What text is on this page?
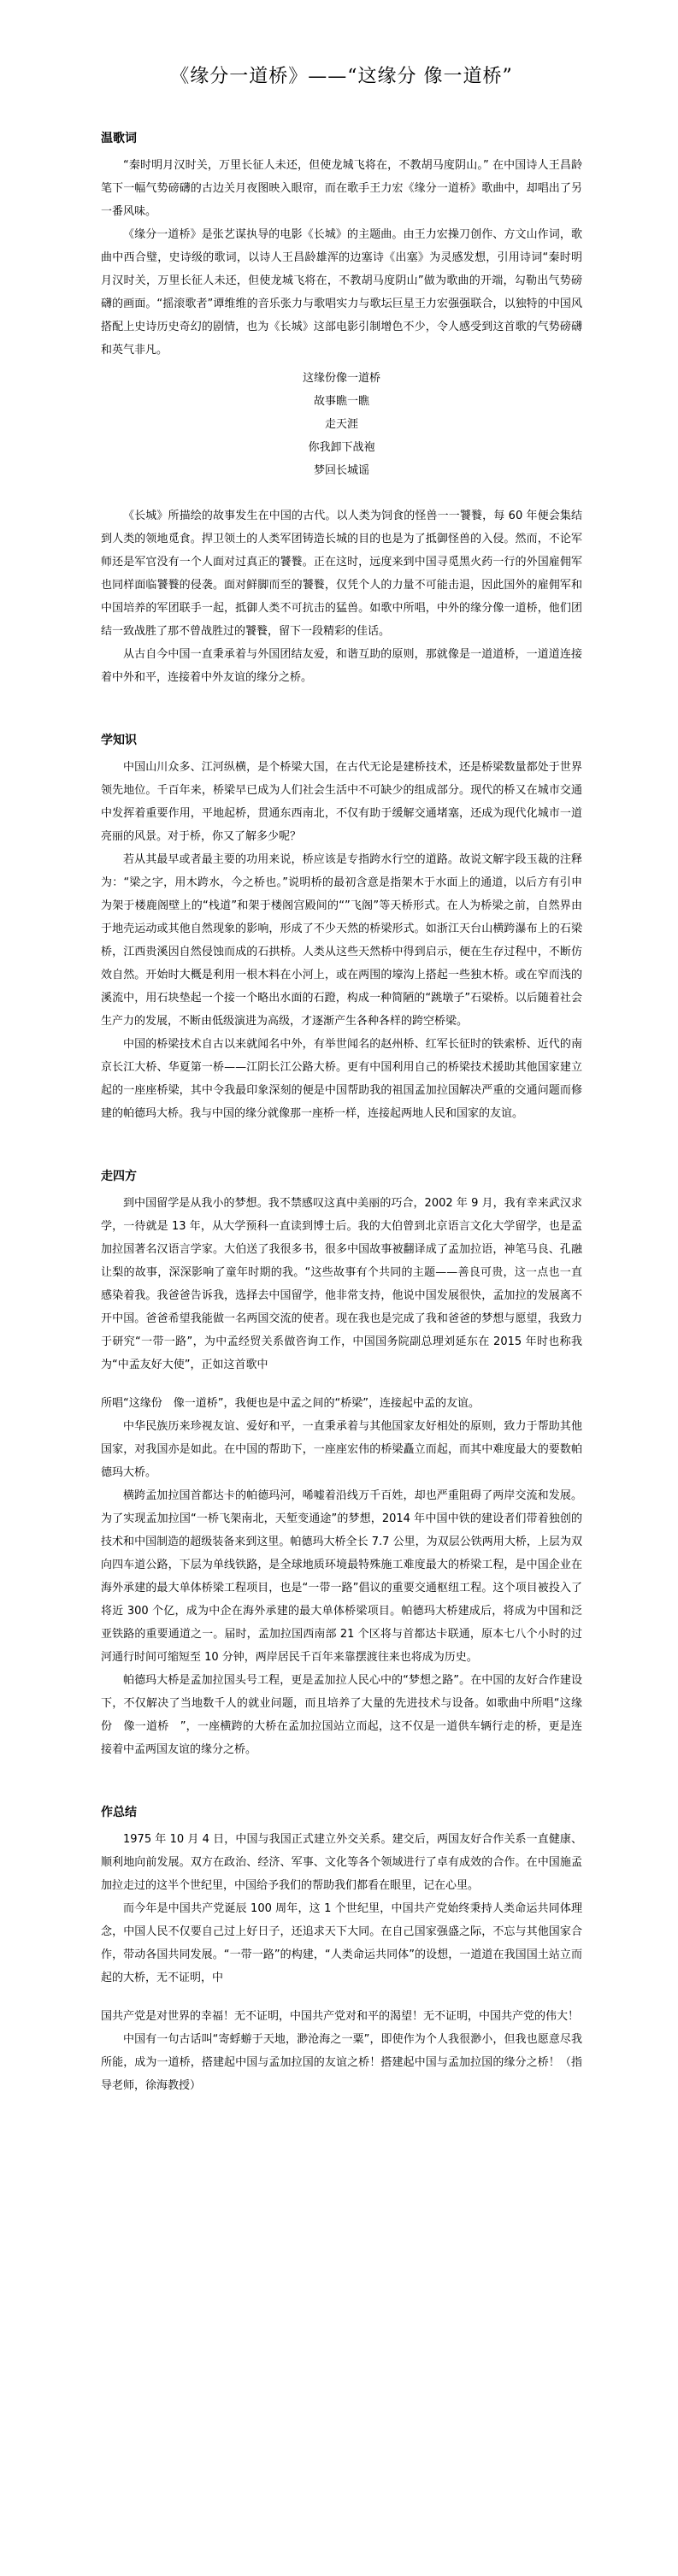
《缘分一道桥》——“这缘分 像一道桥”
温歌词

“秦时明月汉时关，万里长征人未还，但使龙城飞将在，不教胡马度阴山。” 在中国诗人王昌龄笔下一幅气势磅礴的古边关月夜图映入眼帘，而在歌手王力宏《缘分一道桥》歌曲中，却唱出了另一番风味。

《缘分一道桥》是张艺谋执导的电影《长城》的主题曲。由王力宏操刀创作、方文山作词，歌曲中西合璧，史诗级的歌词，以诗人王昌龄雄浑的边塞诗《出塞》为灵感发想，引用诗词“秦时明月汉时关，万里长征人未还，但使龙城飞将在，不教胡马度阴山”做为歌曲的开端，勾勒出气势磅礴的画面。“摇滚歌者”谭维维的音乐张力与歌唱实力与歌坛巨星王力宏强强联合，以独特的中国风搭配上史诗历史奇幻的剧情，也为《长城》这部电影引制增色不少，令人感受到这首歌的气势磅礴和英气非凡。

这缘份像一道桥
故事瞧一瞧
走天涯
你我卸下战袍
梦回长城谣

《长城》所描绘的故事发生在中国的古代。以人类为饲食的怪兽一一饕餮，每 60 年便会集结到人类的领地觅食。捍卫领土的人类军团铸造长城的目的也是为了抵御怪兽的入侵。然而，不论军师还是军官没有一个人面对过真正的饕餮。正在这时，远度来到中国寻觅黑火药一行的外国雇佣军也同样面临饕餮的侵袭。面对鲜脚而至的饕餮，仅凭个人的力量不可能击退，因此国外的雇佣军和中国培养的军团联手一起，抵御人类不可抗击的猛兽。如歌中所唱，中外的缘分像一道桥，他们团结一致战胜了那不曾战胜过的饕餮，留下一段精彩的佳话。

从古自今中国一直秉承着与外国团结友爱，和谐互助的原则，那就像是一道道桥，一道道连接着中外和平，连接着中外友谊的缘分之桥。

学知识

中国山川众多、江河纵横，是个桥梁大国，在古代无论是建桥技术，还是桥梁数量都处于世界领先地位。千百年来，桥梁早已成为人们社会生活中不可缺少的组成部分。现代的桥又在城市交通中发挥着重要作用，平地起桥，贯通东西南北，不仅有助于缓解交通堵塞，还成为现代化城市一道亮丽的风景。对于桥，你又了解多少呢？

若从其最早或者最主要的功用来说，桥应该是专指跨水行空的道路。故说文解字段玉裁的注释为：“梁之字，用木跨水，今之桥也。”说明桥的最初含意是指架木于水面上的通道，以后方有引申为架于楼鹿阁壁上的“栈道”和架于楼阁宫殿间的“”飞阁”等天桥形式。在人为桥梁之前，自然界由于地壳运动或其他自然现象的影响，形成了不少天然的桥梁形式。如浙江天台山横跨瀑布上的石梁桥，江西贵溪因自然侵蚀而成的石拱桥。人类从这些天然桥中得到启示，便在生存过程中，不断仿效自然。开始时大概是利用一根木料在小河上，或在两围的壕沟上搭起一些独木桥。或在窄而浅的溪流中，用石块垫起一个接一个略出水面的石蹬，构成一种简陋的“跳墩子”石梁桥。以后随着社会生产力的发展，不断由低级演进为高级，才逐渐产生各种各样的跨空桥梁。

中国的桥梁技术自古以来就闻名中外，有举世闻名的赵州桥、红军长征时的铁索桥、近代的南京长江大桥、华夏第一桥——江阴长江公路大桥。更有中国利用自己的桥梁技术援助其他国家建立起的一座座桥梁，其中令我最印象深刻的便是中国帮助我的祖国孟加拉国解决严重的交通问题而修建的帕德玛大桥。我与中国的缘分就像那一座桥一样，连接起两地人民和国家的友谊。

走四方

到中国留学是从我小的梦想。我不禁感叹这真中美丽的巧合，2002 年 9 月，我有幸来武汉求学，一待就是 13 年，从大学预科一直读到博士后。我的大伯曾到北京语言文化大学留学，也是孟加拉国著名汉语言学家。大伯送了我很多书，很多中国故事被翻译成了孟加拉语，神笔马良、孔融让梨的故事，深深影响了童年时期的我。“这些故事有个共同的主题——善良可贵，这一点也一直感染着我。我爸爸告诉我，选择去中国留学，他非常支持，他说中国发展很快，孟加拉的发展离不开中国。爸爸希望我能做一名两国交流的使者。现在我也是完成了我和爸爸的梦想与愿望，我致力于研究“一带一路”，为中孟经贸关系做咨询工作，中国国务院副总理刘延东在 2015 年时也称我为“中孟友好大使”，正如这首歌中

所唱“这缘份　像一道桥”，我便也是中孟之间的“桥梁”，连接起中孟的友谊。

中华民族历来珍视友谊、爱好和平，一直秉承着与其他国家友好相处的原则，致力于帮助其他国家，对我国亦是如此。在中国的帮助下，一座座宏伟的桥梁矗立而起，而其中难度最大的要数帕德玛大桥。

横跨孟加拉国首都达卡的帕德玛河，唏嘘着沿线万千百姓，却也严重阻碍了两岸交流和发展。为了实现孟加拉国“一桥飞架南北，天堑变通途”的梦想，2014 年中国中铁的建设者们带着独创的技术和中国制造的超级装备来到这里。帕德玛大桥全长 7.7 公里，为双层公铁两用大桥，上层为双向四车道公路，下层为单线铁路，是全球地质环境最特殊施工难度最大的桥梁工程，是中国企业在海外承建的最大单体桥梁工程项目，也是“一带一路”倡议的重要交通枢纽工程。这个项目被投入了将近 300 个亿，成为中企在海外承建的最大单体桥梁项目。帕德玛大桥建成后，将成为中国和泛亚铁路的重要通道之一。届时，孟加拉国西南部 21 个区将与首都达卡联通，原本七八个小时的过河通行时间可缩短至 10 分钟，两岸居民千百年来靠摆渡往来也将成为历史。

帕德玛大桥是孟加拉国头号工程，更是孟加拉人民心中的“梦想之路”。在中国的友好合作建设下，不仅解决了当地数千人的就业问题，而且培养了大量的先进技术与设备。如歌曲中所唱“这缘份　像一道桥　”，一座横跨的大桥在孟加拉国站立而起，这不仅是一道供车辆行走的桥，更是连接着中孟两国友谊的缘分之桥。

作总结

1975 年 10 月 4 日，中国与我国正式建立外交关系。建交后，两国友好合作关系一直健康、顺利地向前发展。双方在政治、经济、军事、文化等各个领域进行了卓有成效的合作。在中国施孟加拉走过的这半个世纪里，中国给予我们的帮助我们都看在眼里，记在心里。

而今年是中国共产党诞辰 100 周年，这 1 个世纪里，中国共产党始终秉持人类命运共同体理念，中国人民不仅要自己过上好日子，还追求天下大同。在自己国家强盛之际，不忘与其他国家合作，带动各国共同发展。“一带一路”的构建，“人类命运共同体”的设想，一道道在我国国土站立而起的大桥，无不证明，中

国共产党是对世界的幸福！无不证明，中国共产党对和平的渴望！无不证明，中国共产党的伟大！

中国有一句古话叫“寄蜉蝣于天地，渺沧海之一粟”，即使作为个人我很渺小，但我也愿意尽我所能，成为一道桥，搭建起中国与孟加拉国的友谊之桥！搭建起中国与孟加拉国的缘分之桥！（指导老师，徐海教授）
